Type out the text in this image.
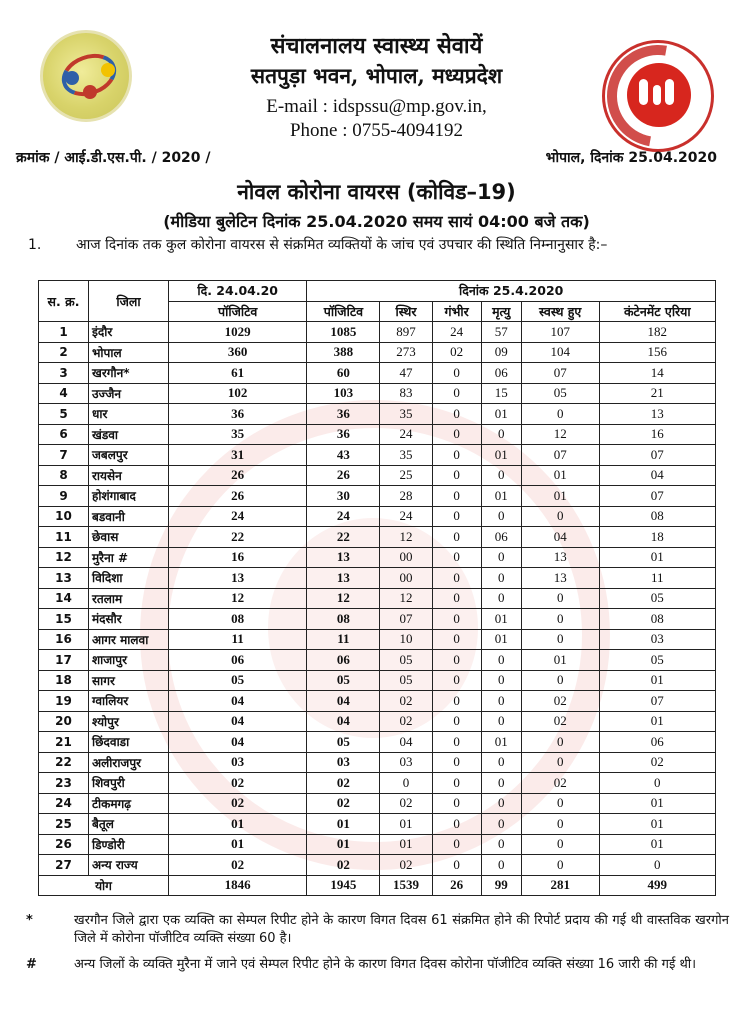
संचालनालय स्वास्थ्य सेवायें
सतपुड़ा भवन, भोपाल, मध्यप्रदेश
E-mail : idspssu@mp.gov.in,
Phone : 0755-4094192
क्रमांक / आई.डी.एस.पी. / 2020 /	भोपाल, दिनांक 25.04.2020
नोवल कोरोना वायरस (कोविड–19)
(मीडिया बुलेटिन दिनांक 25.04.2020 समय सायं 04:00 बजे तक)
1. आज दिनांक तक कुल कोरोना वायरस से संक्रमित व्यक्तियों के जांच एवं उपचार की स्थिति निम्नानुसार है:–
स. क्र.	जिला	दि. 24.04.20	दिनांक 25.4.2020					
		पॉजिटिव	पॉजिटिव	स्थिर	गंभीर	मृत्यु	स्वस्थ हुए	कंटेनमेंट एरिया
1	इंदौर	1029	1085	897	24	57	107	182
2	भोपाल	360	388	273	02	09	104	156
3	खरगौन*	61	60	47	0	06	07	14
4	उज्जैन	102	103	83	0	15	05	21
5	धार	36	36	35	0	01	0	13
6	खंडवा	35	36	24	0	0	12	16
7	जबलपुर	31	43	35	0	01	07	07
8	रायसेन	26	26	25	0	0	01	04
9	होशंगाबाद	26	30	28	0	01	01	07
10	बडवानी	24	24	24	0	0	0	08
11	छेवास	22	22	12	0	06	04	18
12	मुरैना #	16	13	00	0	0	13	01
13	विदिशा	13	13	00	0	0	13	11
14	रतलाम	12	12	12	0	0	0	05
15	मंदसौर	08	08	07	0	01	0	08
16	आगर मालवा	11	11	10	0	01	0	03
17	शाजापुर	06	06	05	0	0	01	05
18	सागर	05	05	05	0	0	0	01
19	ग्वालियर	04	04	02	0	0	02	07
20	श्योपुर	04	04	02	0	0	02	01
21	छिंदवाडा	04	05	04	0	01	0	06
22	अलीराजपुर	03	03	03	0	0	0	02
23	शिवपुरी	02	02	0	0	0	02	0
24	टीकमगढ़	02	02	02	0	0	0	01
25	बैतूल	01	01	01	0	0	0	01
26	डिण्डोरी	01	01	01	0	0	0	01
27	अन्य राज्य	02	02	02	0	0	0	0
योग		1846	1945	1539	26	99	281	499
*	खरगौन जिले द्वारा एक व्यक्ति का सेम्पल रिपीट होने के कारण विगत दिवस 61 संक्रमित होने की रिपोर्ट प्रदाय की गई थी वास्तविक खरगोन जिले में कोरोना पॉजीटिव व्यक्ति संख्या 60 है।
#	अन्य जिलों के व्यक्ति मुरैना में जाने एवं सेम्पल रिपीट होने के कारण विगत दिवस कोरोना पॉजीटिव व्यक्ति संख्या 16 जारी की गई थी।
